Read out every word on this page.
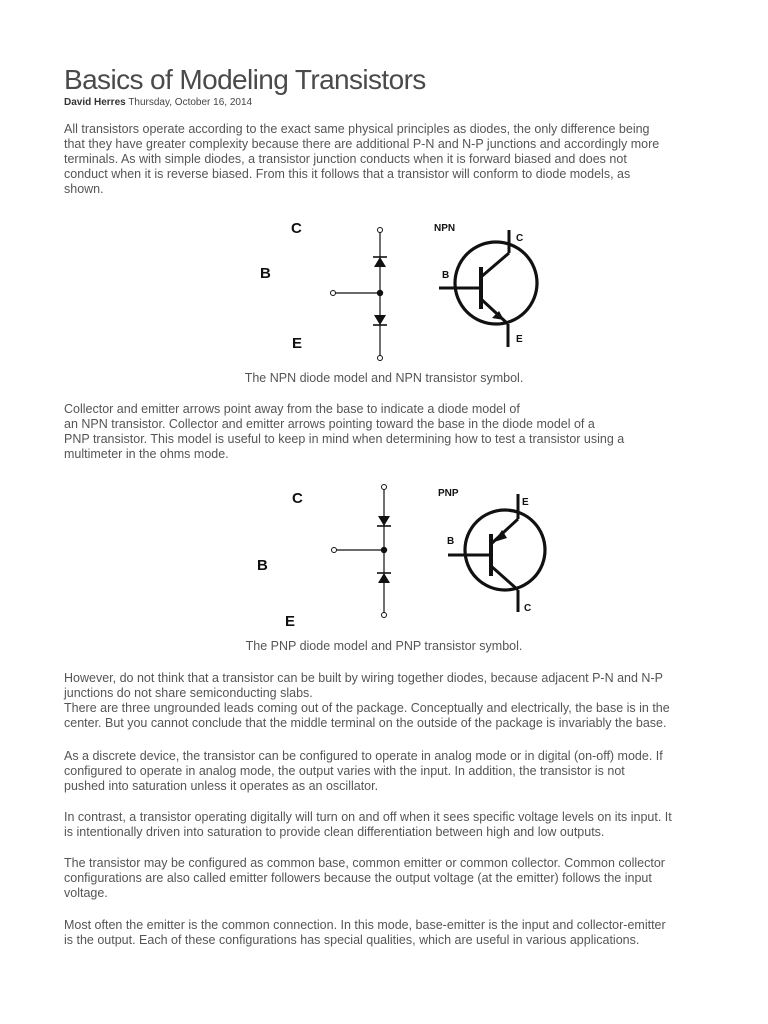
Basics of Modeling Transistors
David Herres Thursday, October 16, 2014
All transistors operate according to the exact same physical principles as diodes, the only difference being
that they have greater complexity because there are additional P-N and N-P junctions and accordingly more
terminals. As with simple diodes, a transistor junction conducts when it is forward biased and does not
conduct when it is reverse biased. From this it follows that a transistor will conform to diode models, as
shown.
C
B
E
NPN
C
B
E
The NPN diode model and NPN transistor symbol.
Collector and emitter arrows point away from the base to indicate a diode model of
an NPN transistor. Collector and emitter arrows pointing toward the base in the diode model of a
PNP transistor. This model is useful to keep in mind when determining how to test a transistor using a
multimeter in the ohms mode.
C
B
E
PNP
E
B
C
The PNP diode model and PNP transistor symbol.
However, do not think that a transistor can be built by wiring together diodes, because adjacent P-N and N-P
junctions do not share semiconducting slabs.
There are three ungrounded leads coming out of the package. Conceptually and electrically, the base is in the
center. But you cannot conclude that the middle terminal on the outside of the package is invariably the base.
As a discrete device, the transistor can be configured to operate in analog mode or in digital (on-off) mode. If
configured to operate in analog mode, the output varies with the input. In addition, the transistor is not
pushed into saturation unless it operates as an oscillator.
In contrast, a transistor operating digitally will turn on and off when it sees specific voltage levels on its input. It
is intentionally driven into saturation to provide clean differentiation between high and low outputs.
The transistor may be configured as common base, common emitter or common collector. Common collector
configurations are also called emitter followers because the output voltage (at the emitter) follows the input
voltage.
Most often the emitter is the common connection. In this mode, base-emitter is the input and collector-emitter
is the output. Each of these configurations has special qualities, which are useful in various applications.
